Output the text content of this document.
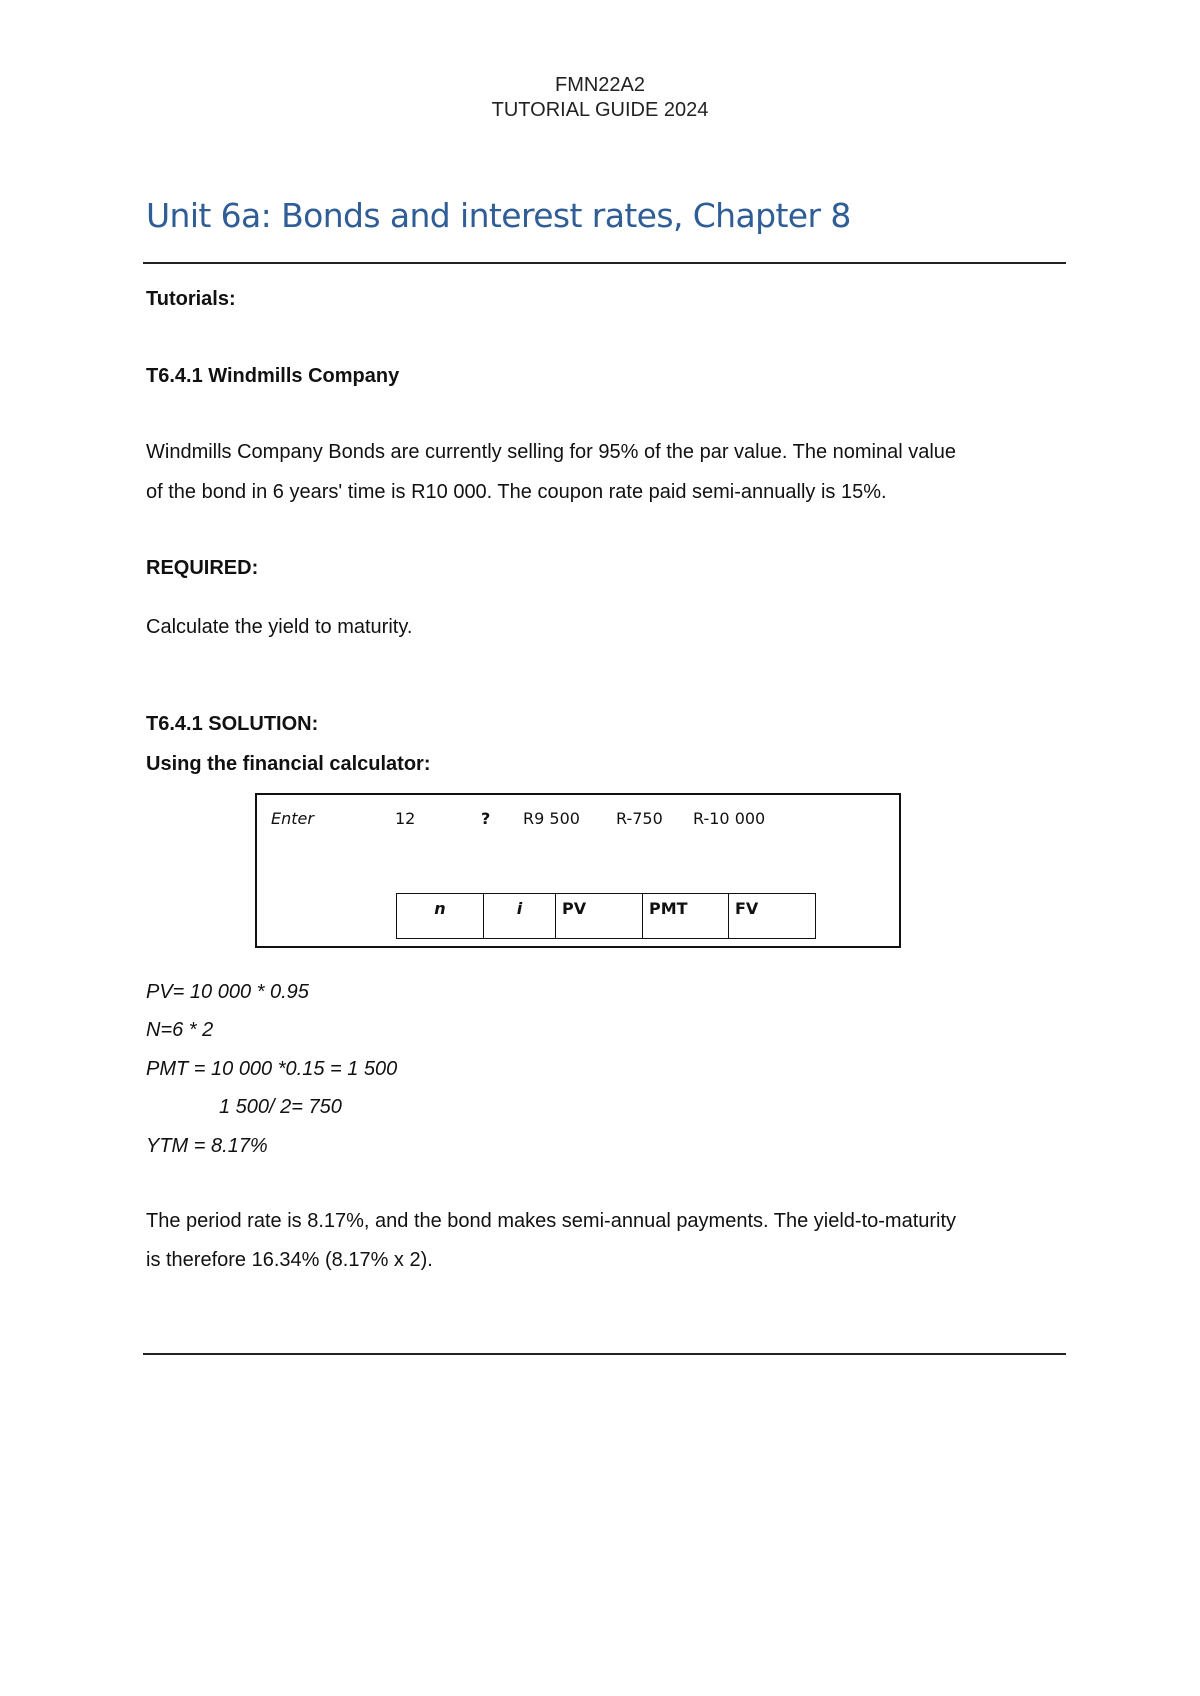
FMN22A2
TUTORIAL GUIDE 2024
Unit 6a: Bonds and interest rates, Chapter 8
Tutorials:
T6.4.1 Windmills Company
Windmills Company Bonds are currently selling for 95% of the par value. The nominal value
of the bond in 6 years' time is R10 000. The coupon rate paid semi-annually is 15%.
REQUIRED:
Calculate the yield to maturity.
T6.4.1 SOLUTION:
Using the financial calculator:
Enter	12	? R9 500 R-750 R-10 000
n	i	PV	PMT	FV
PV= 10 000 * 0.95
N=6 * 2
PMT = 10 000 *0.15 = 1 500
1 500/ 2= 750
YTM = 8.17%
The period rate is 8.17%, and the bond makes semi-annual payments. The yield-to-maturity
is therefore 16.34% (8.17% x 2).
